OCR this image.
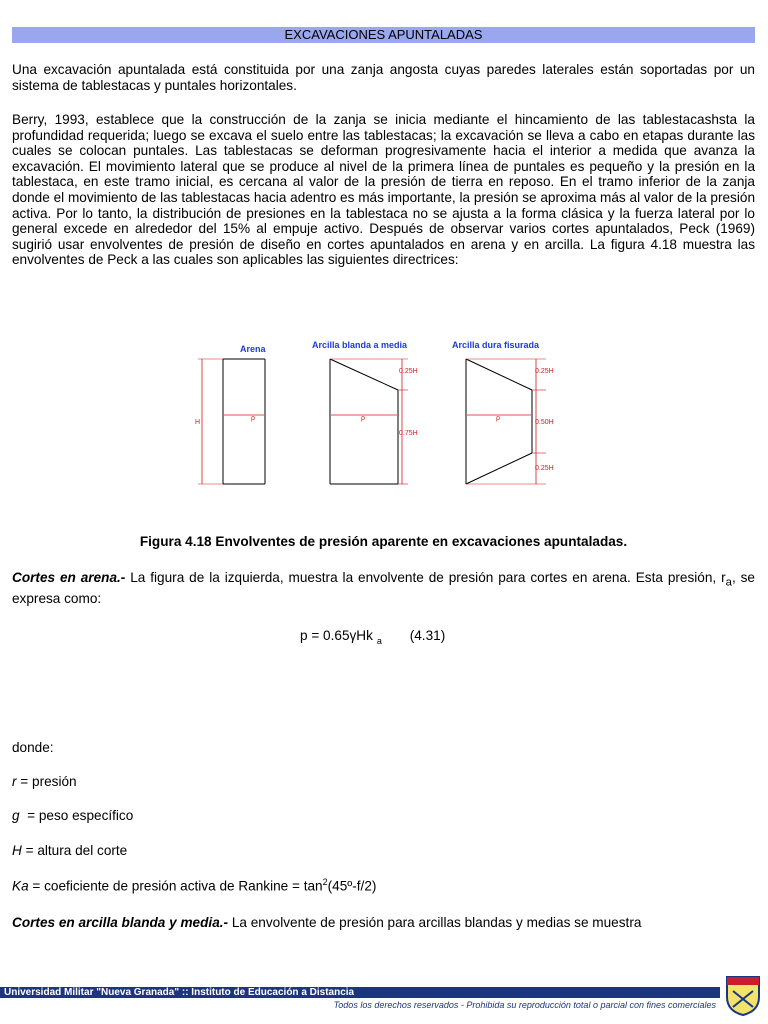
EXCAVACIONES APUNTALADAS
Una excavación apuntalada está constituida por una zanja angosta cuyas paredes laterales están soportadas por un sistema de tablestacas y puntales horizontales.
Berry, 1993, establece que la construcción de la zanja se inicia mediante el hincamiento de las tablestacashsta la profundidad requerida; luego se excava el suelo entre las tablestacas; la excavación se lleva a cabo en etapas durante las cuales se colocan puntales. Las tablestacas se deforman progresivamente hacia el interior a medida que avanza la excavación. El movimiento lateral que se produce al nivel de la primera línea de puntales es pequeño y la presión en la tablestaca, en este tramo inicial, es cercana al valor de la presión de tierra en reposo. En el tramo inferior de la zanja donde el movimiento de las tablestacas hacia adentro es más importante, la presión se aproxima más al valor de la presión activa. Por lo tanto, la distribución de presiones en la tablestaca no se ajusta a la forma clásica y la fuerza lateral por lo general excede en alrededor del 15% al empuje activo. Después de observar varios cortes apuntalados, Peck (1969) sugirió usar envolventes de presión de diseño en cortes apuntalados en arena y en arcilla. La figura 4.18 muestra las envolventes de Peck a las cuales son aplicables las siguientes directrices:
Arena	Arcilla blanda a media	Arcilla dura fisurada
H
ρ
0.25H
0.75H
ρ
0.25H
0.50H
0.25H
ρ
Figura 4.18 Envolventes de presión aparente en excavaciones apuntaladas.
Cortes en arena.- La figura de la izquierda, muestra la envolvente de presión para cortes en arena. Esta presión, $r_a$, se expresa como:
p = 0.65γHk $_a$ (4.31)
donde:
r = presión
g  = peso específico
H = altura del corte
Ka = coeficiente de presión activa de Rankine = $\tan^2(45º-f/2)$
Cortes en arcilla blanda y media.- La envolvente de presión para arcillas blandas y medias se muestra
Universidad Militar "Nueva Granada" :: Instituto de Educación a Distancia
Todos los derechos reservados - Prohibida su reproducción total o parcial con fines comerciales
